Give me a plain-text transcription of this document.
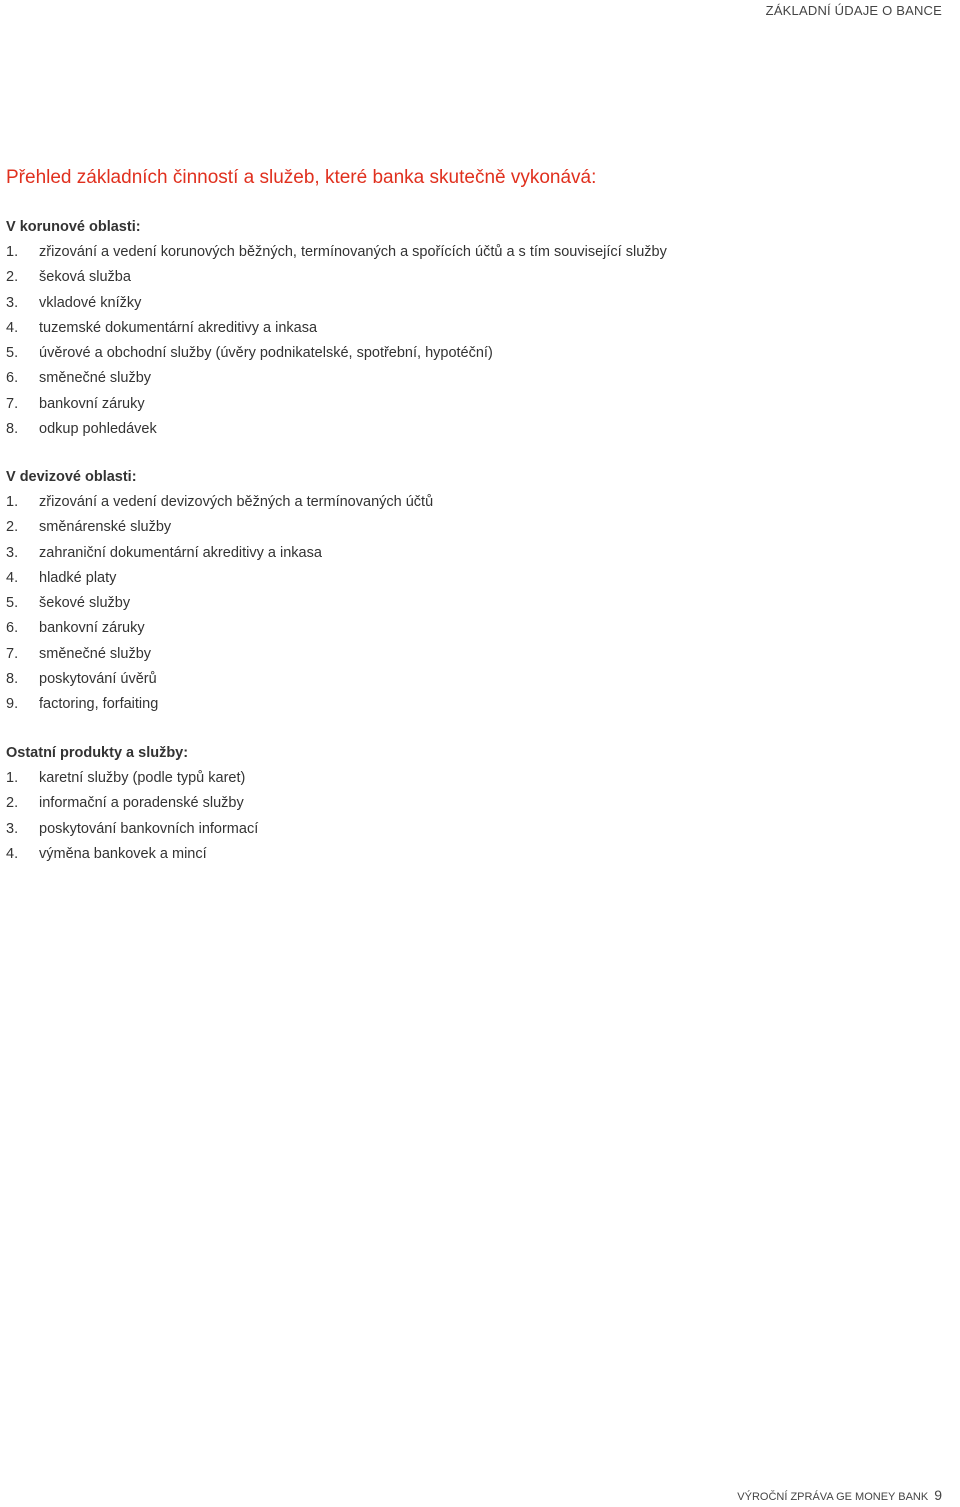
ZÁKLADNÍ ÚDAJE O BANCE
Přehled základních činností a služeb, které banka skutečně vykonává:
V korunové oblasti:
1. zřizování a vedení korunových běžných, termínovaných a spořících účtů a s tím související služby
2. šeková služba
3. vkladové knížky
4. tuzemské dokumentární akreditivy a inkasa
5. úvěrové a obchodní služby (úvěry podnikatelské, spotřební, hypotéční)
6. směnečné služby
7. bankovní záruky
8. odkup pohledávek
V devizové oblasti:
1. zřizování a vedení devizových běžných a termínovaných účtů
2. směnárenské služby
3. zahraniční dokumentární akreditivy a inkasa
4. hladké platy
5. šekové služby
6. bankovní záruky
7. směnečné služby
8. poskytování úvěrů
9. factoring, forfaiting
Ostatní produkty a služby:
1. karetní služby (podle typů karet)
2. informační a poradenské služby
3. poskytování bankovních informací
4. výměna bankovek a mincí
VÝROČNÍ ZPRÁVA GE MONEY BANK 9
